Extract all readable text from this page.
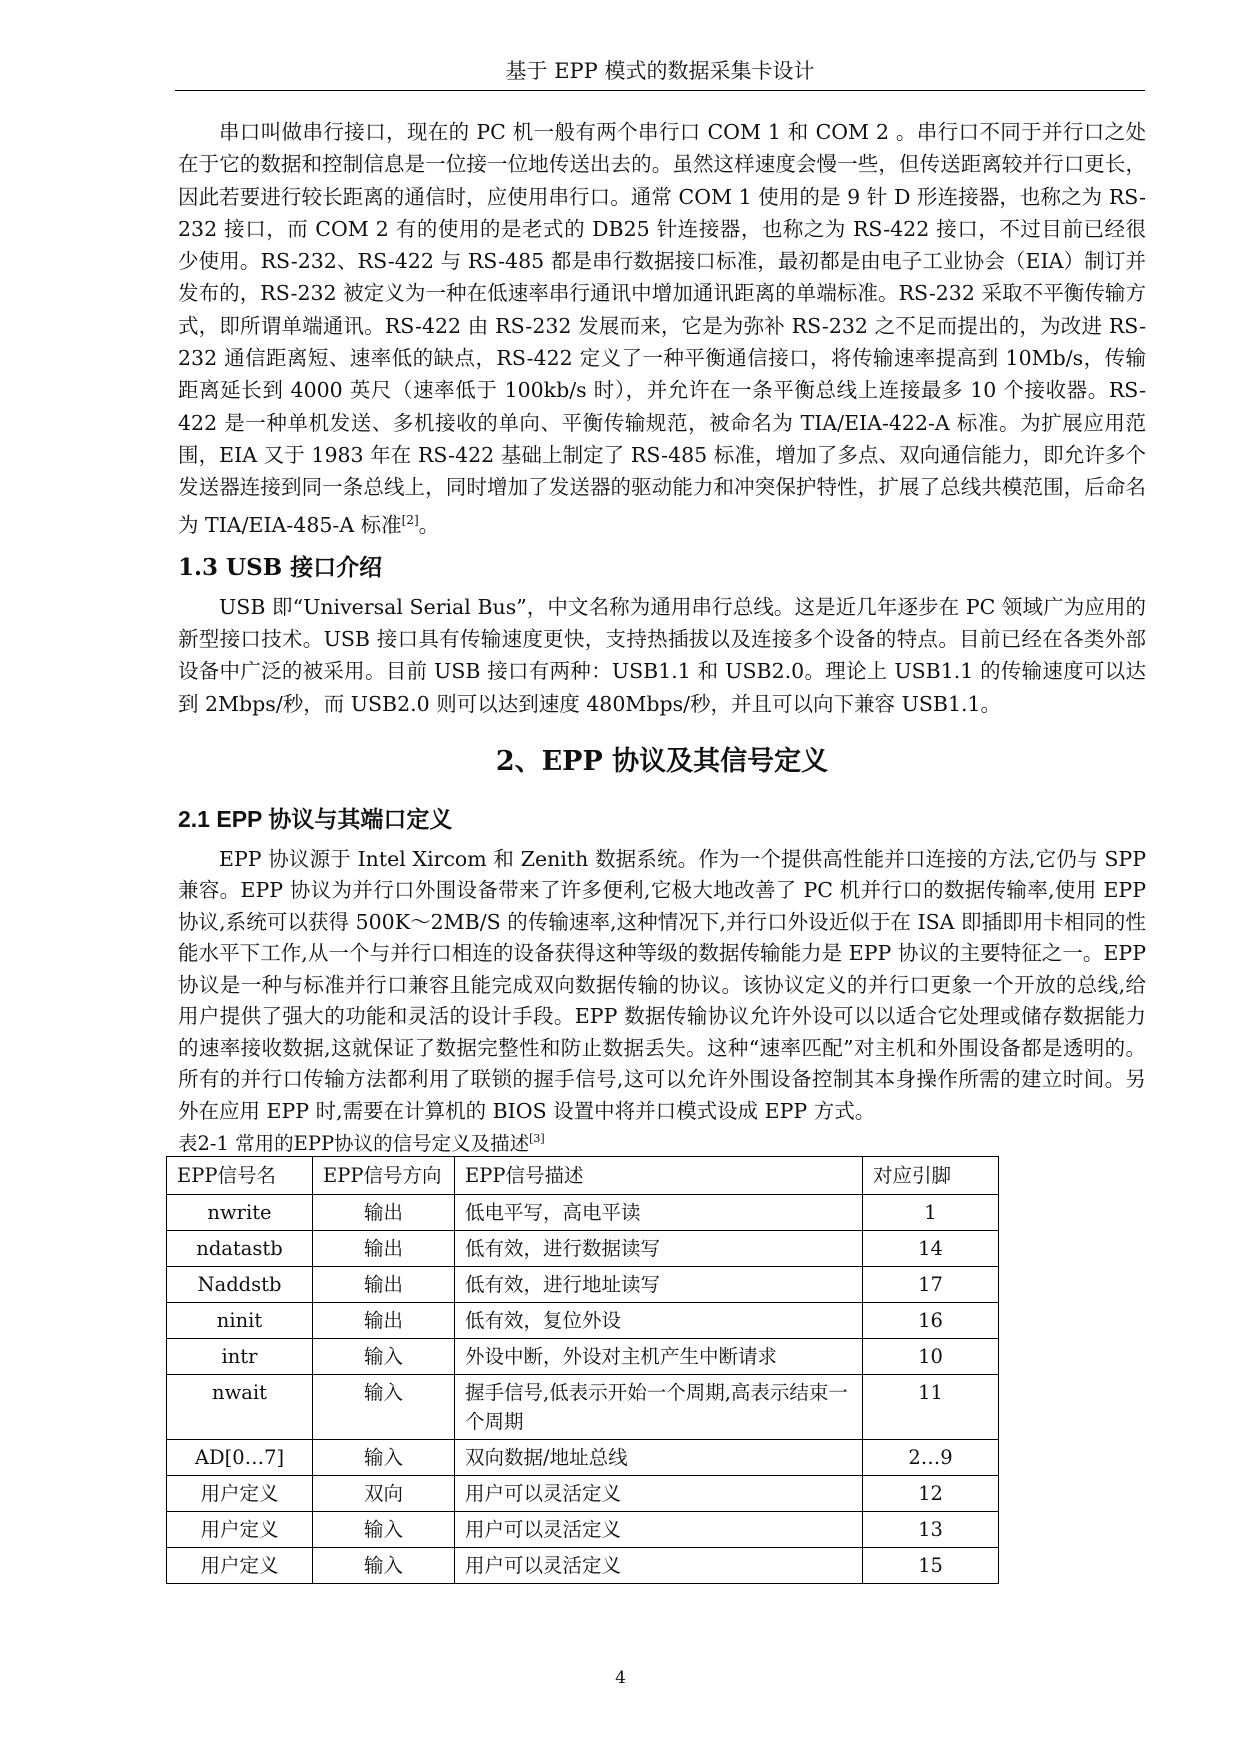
基于 EPP 模式的数据采集卡设计

串口叫做串行接口，现在的 PC 机一般有两个串行口 COM 1 和 COM 2 。串行口不同于并行口之处在于它的数据和控制信息是一位接一位地传送出去的。虽然这样速度会慢一些，但传送距离较并行口更长，因此若要进行较长距离的通信时，应使用串行口。通常 COM 1 使用的是 9 针 D 形连接器，也称之为 RS-232 接口，而 COM 2 有的使用的是老式的 DB25 针连接器，也称之为 RS-422 接口，不过目前已经很少使用。RS-232、RS-422 与 RS-485 都是串行数据接口标准，最初都是由电子工业协会（EIA）制订并发布的，RS-232 被定义为一种在低速率串行通讯中增加通讯距离的单端标准。RS-232 采取不平衡传输方式，即所谓单端通讯。RS-422 由 RS-232 发展而来，它是为弥补 RS-232 之不足而提出的，为改进 RS-232 通信距离短、速率低的缺点，RS-422 定义了一种平衡通信接口，将传输速率提高到 10Mb/s，传输距离延长到 4000 英尺（速率低于 100kb/s 时），并允许在一条平衡总线上连接最多 10 个接收器。RS-422 是一种单机发送、多机接收的单向、平衡传输规范，被命名为 TIA/EIA-422-A 标准。为扩展应用范围，EIA 又于 1983 年在 RS-422 基础上制定了 RS-485 标准，增加了多点、双向通信能力，即允许多个发送器连接到同一条总线上，同时增加了发送器的驱动能力和冲突保护特性，扩展了总线共模范围，后命名为 TIA/EIA-485-A 标准[2]。

1.3 USB 接口介绍

USB 即“Universal Serial Bus”，中文名称为通用串行总线。这是近几年逐步在 PC 领域广为应用的新型接口技术。USB 接口具有传输速度更快，支持热插拔以及连接多个设备的特点。目前已经在各类外部设备中广泛的被采用。目前 USB 接口有两种：USB1.1 和 USB2.0。理论上 USB1.1 的传输速度可以达到 2Mbps/秒，而 USB2.0 则可以达到速度 480Mbps/秒，并且可以向下兼容 USB1.1。

2、EPP 协议及其信号定义
2.1 EPP 协议与其端口定义

EPP 协议源于 Intel Xircom 和 Zenith 数据系统。作为一个提供高性能并口连接的方法,它仍与 SPP 兼容。EPP 协议为并行口外围设备带来了许多便利,它极大地改善了 PC 机并行口的数据传输率,使用 EPP 协议,系统可以获得 500K～2MB/S 的传输速率,这种情况下,并行口外设近似于在 ISA 即插即用卡相同的性能水平下工作,从一个与并行口相连的设备获得这种等级的数据传输能力是 EPP 协议的主要特征之一。EPP 协议是一种与标准并行口兼容且能完成双向数据传输的协议。该协议定义的并行口更象一个开放的总线,给用户提供了强大的功能和灵活的设计手段。EPP 数据传输协议允许外设可以以适合它处理或储存数据能力的速率接收数据,这就保证了数据完整性和防止数据丢失。这种“速率匹配”对主机和外围设备都是透明的。所有的并行口传输方法都利用了联锁的握手信号,这可以允许外围设备控制其本身操作所需的建立时间。另外在应用 EPP 时,需要在计算机的 BIOS 设置中将并口模式设成 EPP 方式。

表2-1 常用的EPP协议的信号定义及描述[3]

EPP信号名	EPP信号方向	EPP信号描述	对应引脚
nwrite	输出	低电平写，高电平读	1
ndatastb	输出	低有效，进行数据读写	14
Naddstb	输出	低有效，进行地址读写	17
ninit	输出	低有效，复位外设	16
intr	输入	外设中断，外设对主机产生中断请求	10
nwait	输入	握手信号,低表示开始一个周期,高表示结束一个周期	11
AD[0…7]	输入	双向数据/地址总线	2…9
用户定义	双向	用户可以灵活定义	12
用户定义	输入	用户可以灵活定义	13
用户定义	输入	用户可以灵活定义	15
4
